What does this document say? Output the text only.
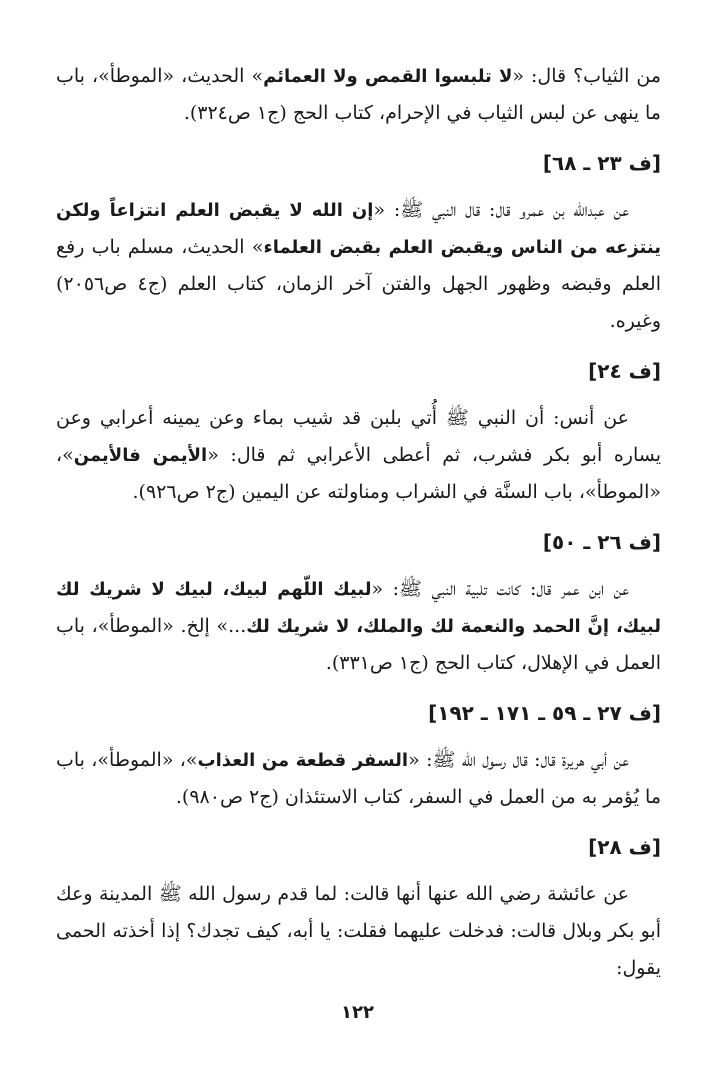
من الثياب؟ قال: «لا تلبسوا القمص ولا العمائم» الحديث، «الموطأ»، باب ما ينهى عن لبس الثياب في الإحرام، كتاب الحج (ج١ ص٣٢٤).

[ف ٢٣ ـ ٦٨]

عن عبدالله بن عمرو قال: قال النبي ﷺ: «إن الله لا يقبض العلم انتزاعاً ولكن ينتزعه من الناس ويقبض العلم بقبض العلماء» الحديث، مسلم باب رفع العلم وقبضه وظهور الجهل والفتن آخر الزمان، كتاب العلم (ج٤ ص٢٠٥٦) وغيره.

[ف ٢٤]

عن أنس: أن النبي ﷺ أُتي بلبن قد شيب بماء وعن يمينه أعرابي وعن يساره أبو بكر فشرب، ثم أعطى الأعرابي ثم قال: «الأيمن فالأيمن»، «الموطأ»، باب السنَّة في الشراب ومناولته عن اليمين (ج٢ ص٩٢٦).

[ف ٢٦ ـ ٥٠]

عن ابن عمر قال: كانت تلبية النبي ﷺ: «لبيك اللّهم لبيك، لبيك لا شريك لك لبيك، إنَّ الحمد والنعمة لك والملك، لا شريك لك...» إلخ. «الموطأ»، باب العمل في الإهلال، كتاب الحج (ج١ ص٣٣١).

[ف ٢٧ ـ ٥٩ ـ ١٧١ ـ ١٩٢]

عن أبي هريرة قال: قال رسول الله ﷺ: «السفر قطعة من العذاب»، «الموطأ»، باب ما يُؤمر به من العمل في السفر، كتاب الاستئذان (ج٢ ص٩٨٠).

[ف ٢٨]

عن عائشة رضي الله عنها أنها قالت: لما قدم رسول الله ﷺ المدينة وعك أبو بكر وبلال قالت: فدخلت عليهما فقلت: يا أبه، كيف تجدك؟ إذا أخذته الحمى يقول:

١٢٢
